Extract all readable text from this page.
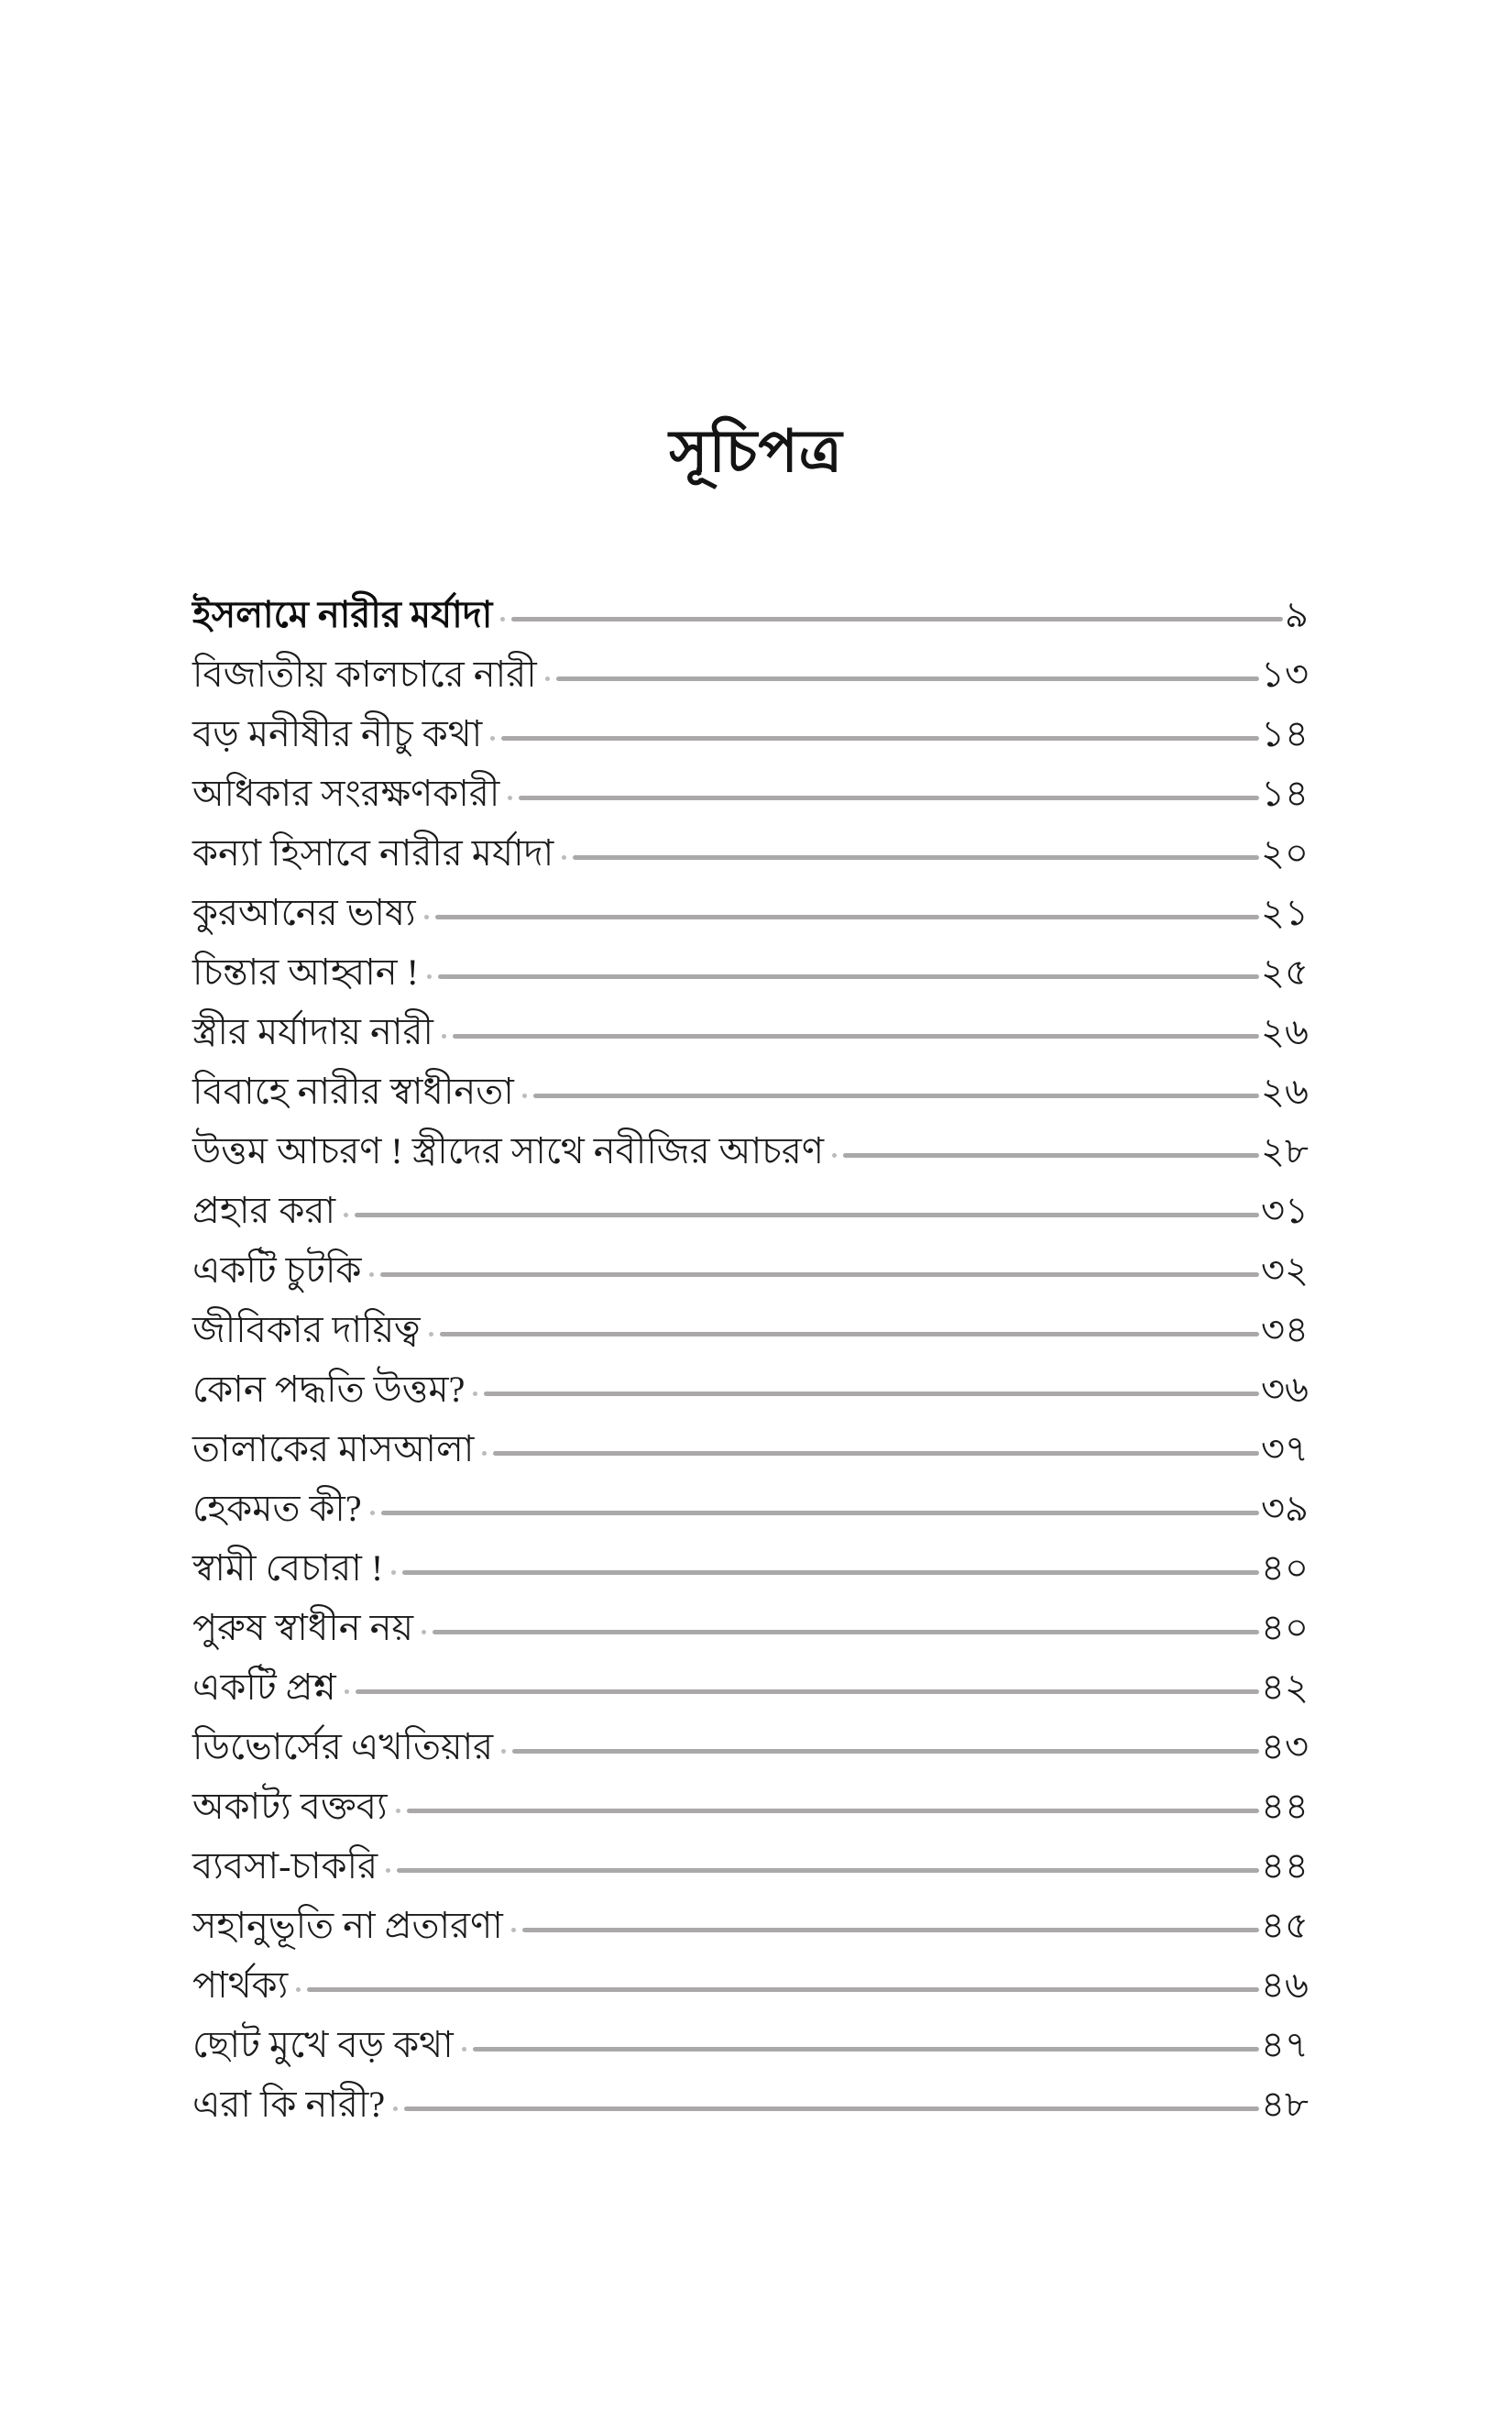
সূচিপত্র
ইসলামে নারীর মর্যাদা	৯
বিজাতীয় কালচারে নারী	১৩
বড় মনীষীর নীচু কথা	১৪
অধিকার সংরক্ষণকারী	১৪
কন্যা হিসাবে নারীর মর্যাদা	২০
কুরআনের ভাষ্য	২১
চিন্তার আহ্বান !	২৫
স্ত্রীর মর্যাদায় নারী	২৬
বিবাহে নারীর স্বাধীনতা	২৬
উত্তম আচরণ ! স্ত্রীদের সাথে নবীজির আচরণ	২৮
প্রহার করা	৩১
একটি চুটকি	৩২
জীবিকার দায়িত্ব	৩৪
কোন পদ্ধতি উত্তম?	৩৬
তালাকের মাসআলা	৩৭
হেকমত কী?	৩৯
স্বামী বেচারা !	৪০
পুরুষ স্বাধীন নয়	৪০
একটি প্রশ্ন	৪২
ডিভোর্সের এখতিয়ার	৪৩
অকাট্য বক্তব্য	৪৪
ব্যবসা-চাকরি	৪৪
সহানুভূতি না প্রতারণা	৪৫
পার্থক্য	৪৬
ছোট মুখে বড় কথা	৪৭
এরা কি নারী?	৪৮
